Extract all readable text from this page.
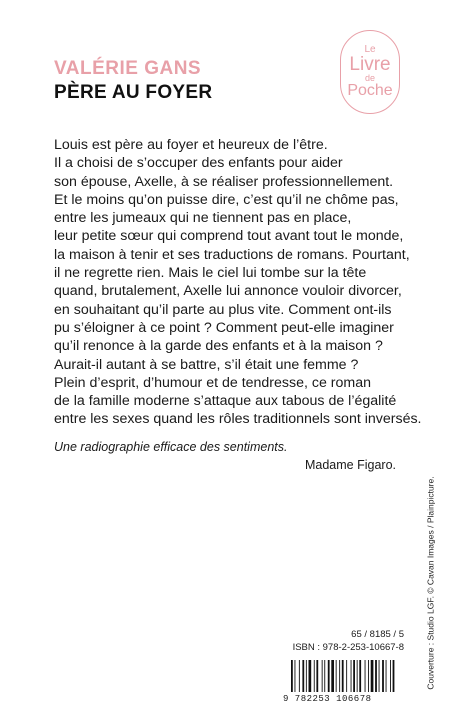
VALÉRIE GANS
PÈRE AU FOYER
Le
Livre
de
Poche

Louis est père au foyer et heureux de l’être.
Il a choisi de s’occuper des enfants pour aider
son épouse, Axelle, à se réaliser professionnellement.
Et le moins qu’on puisse dire, c’est qu’il ne chôme pas,
entre les jumeaux qui ne tiennent pas en place,
leur petite sœur qui comprend tout avant tout le monde,
la maison à tenir et ses traductions de romans. Pourtant,
il ne regrette rien. Mais le ciel lui tombe sur la tête
quand, brutalement, Axelle lui annonce vouloir divorcer,
en souhaitant qu’il parte au plus vite. Comment ont-ils
pu s’éloigner à ce point ? Comment peut-elle imaginer
qu’il renonce à la garde des enfants et à la maison ?
Aurait-il autant à se battre, s’il était une femme ?
Plein d’esprit, d’humour et de tendresse, ce roman
de la famille moderne s’attaque aux tabous de l’égalité
entre les sexes quand les rôles traditionnels sont inversés.

Une radiographie efficace des sentiments.

Madame Figaro.

Couverture : Studio LGF. © Cavan Images / Plainpicture.
65 / 8185 / 5
ISBN : 978-2-253-10667-8
9 782253 106678
